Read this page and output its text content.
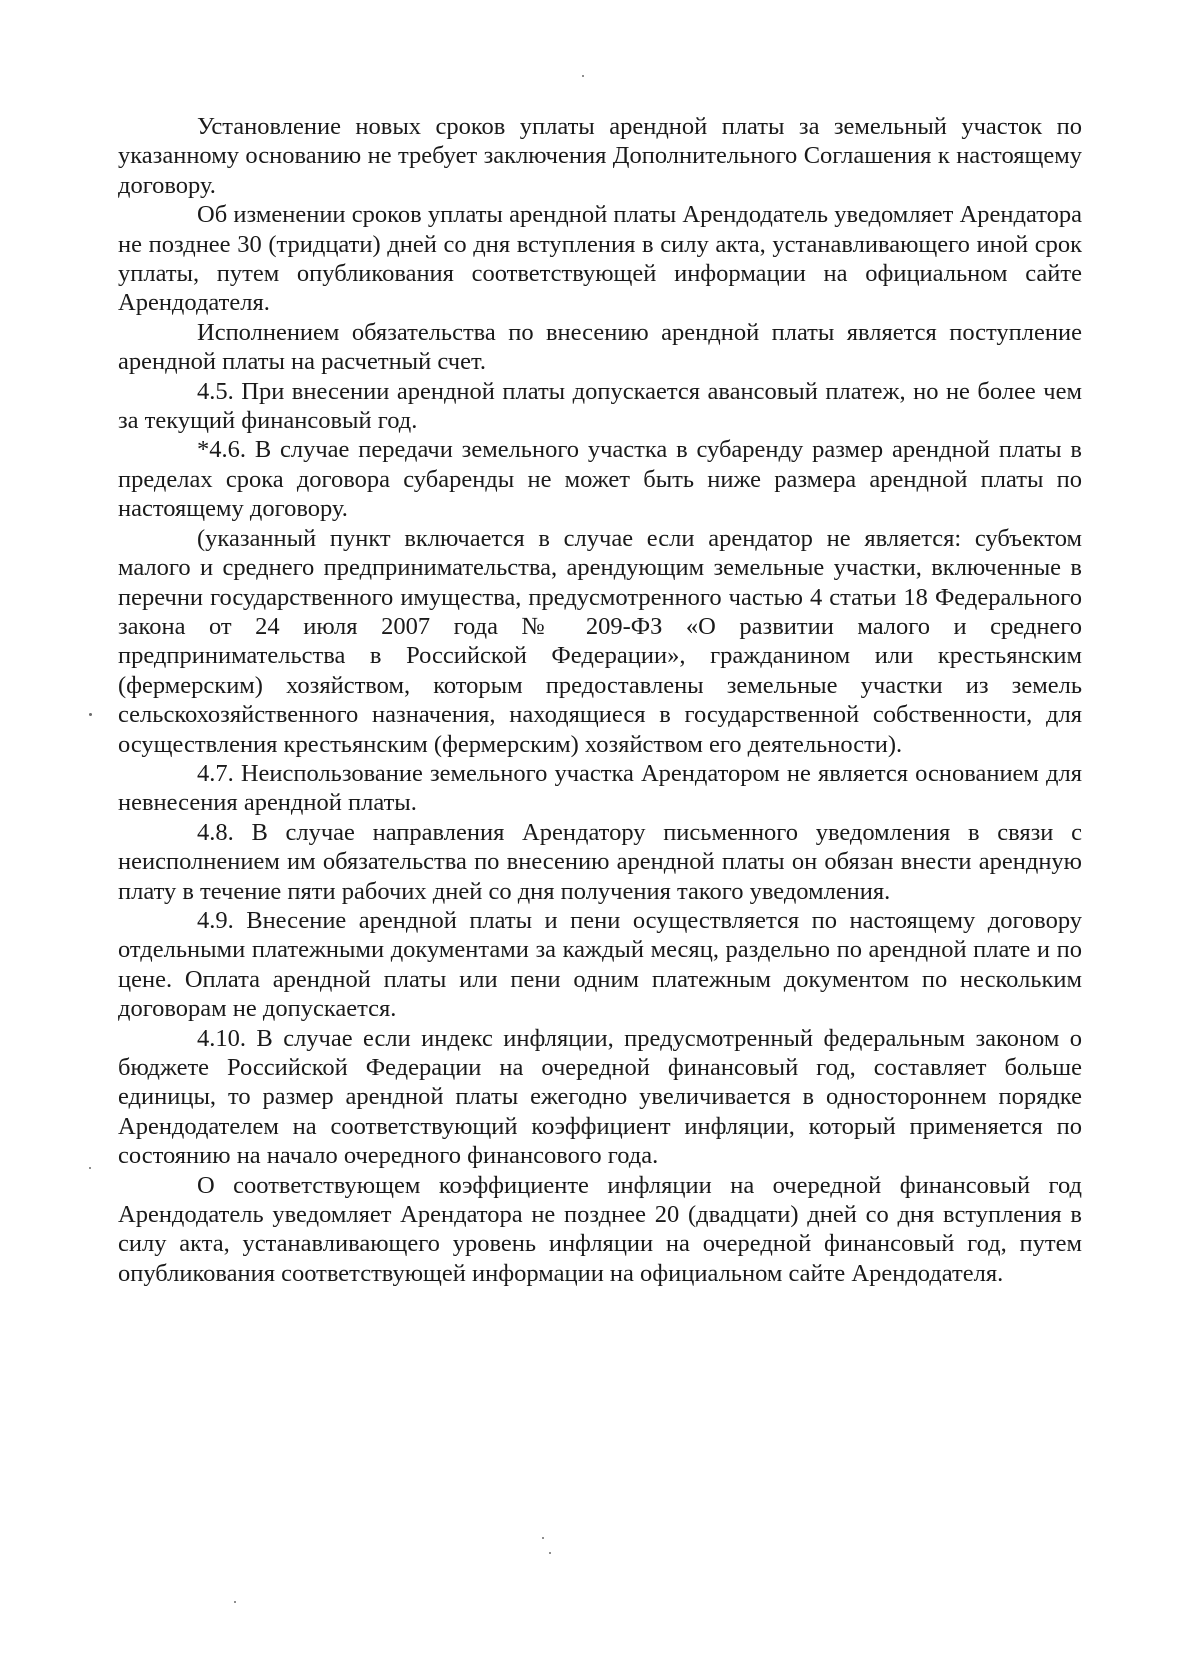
Установление новых сроков уплаты арендной платы за земельный участок по указанному основанию не требует заключения Дополнительного Соглашения к настоящему договору.

Об изменении сроков уплаты арендной платы Арендодатель уведомляет Арендатора не позднее 30 (тридцати) дней со дня вступления в силу акта, устанавливающего иной срок уплаты, путем опубликования соответствующей информации на официальном сайте Арендодателя.

Исполнением обязательства по внесению арендной платы является поступление арендной платы на расчетный счет.

4.5. При внесении арендной платы допускается авансовый платеж, но не более чем за текущий финансовый год.

*4.6. В случае передачи земельного участка в субаренду размер арендной платы в пределах срока договора субаренды не может быть ниже размера арендной платы по настоящему договору.

(указанный пункт включается в случае если арендатор не является: субъектом малого и среднего предпринимательства, арендующим земельные участки, включенные в перечни государственного имущества, предусмотренного частью 4 статьи 18 Федерального закона от 24 июля 2007 года № 209-ФЗ «О развитии малого и среднего предпринимательства в Российской Федерации», гражданином или крестьянским (фермерским) хозяйством, которым предоставлены земельные участки из земель сельскохозяйственного назначения, находящиеся в государственной собственности, для осуществления крестьянским (фермерским) хозяйством его деятельности).

4.7. Неиспользование земельного участка Арендатором не является основанием для невнесения арендной платы.

4.8. В случае направления Арендатору письменного уведомления в связи с неисполнением им обязательства по внесению арендной платы он обязан внести арендную плату в течение пяти рабочих дней со дня получения такого уведомления.

4.9. Внесение арендной платы и пени осуществляется по настоящему договору отдельными платежными документами за каждый месяц, раздельно по арендной плате и по цене. Оплата арендной платы или пени одним платежным документом по нескольким договорам не допускается.

4.10. В случае если индекс инфляции, предусмотренный федеральным законом о бюджете Российской Федерации на очередной финансовый год, составляет больше единицы, то размер арендной платы ежегодно увеличивается в одностороннем порядке Арендодателем на соответствующий коэффициент инфляции, который применяется по состоянию на начало очередного финансового года.

О соответствующем коэффициенте инфляции на очередной финансовый год Арендодатель уведомляет Арендатора не позднее 20 (двадцати) дней со дня вступления в силу акта, устанавливающего уровень инфляции на очередной финансовый год, путем опубликования соответствующей информации на официальном сайте Арендодателя.
